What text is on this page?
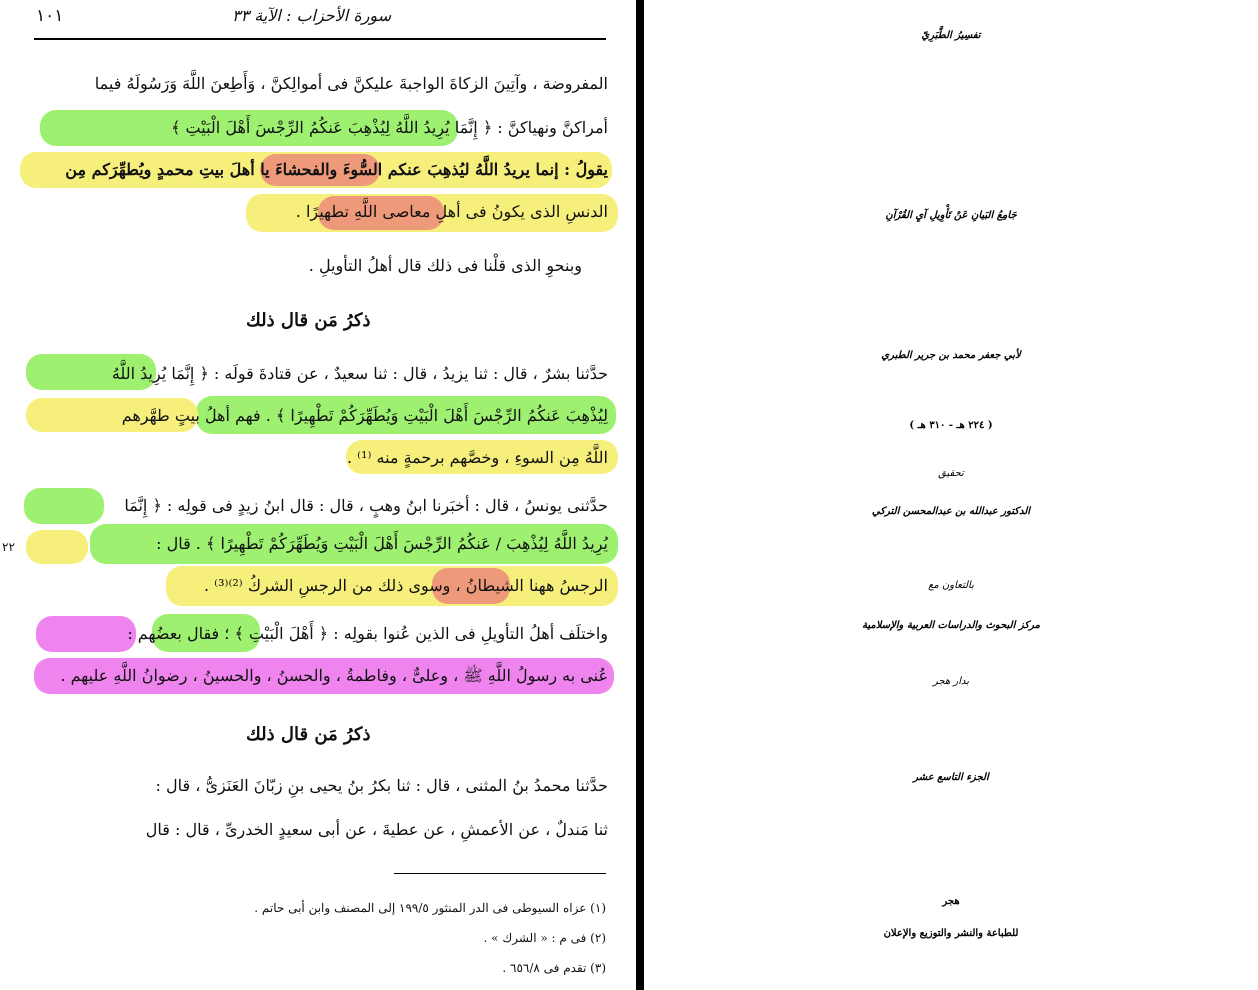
١٠١	سورة الأحزاب : الآية ٣٣
المفروضة ، وآتِينَ الزكاةَ الواجبةَ عليكنَّ فى أموالِكنَّ ، وَأَطِعنَ اللَّهَ وَرَسُولَهُ فيما
أمراكنَّ ونهياكنَّ : ﴿ إِنَّمَا يُرِيدُ اللَّهُ لِيُذْهِبَ عَنكُمُ الرِّجْسَ أَهْلَ الْبَيْتِ ﴾
يقولُ : إنما يريدُ اللَّهُ ليُذهِبَ عنكم السُّوءَ والفحشاءَ يا أهلَ بيتِ محمدٍ ويُطهِّرَكم مِن
الدنسِ الذى يكونُ فى أهلِ معاصى اللَّهِ تطهيرًا .
وبنحوِ الذى قلْنا فى ذلك قال أهلُ التأويلِ .
ذكرُ مَن قال ذلك
حدَّثنا بشرٌ ، قال : ثنا يزيدُ ، قال : ثنا سعيدٌ ، عن قتادةَ قولَه : ﴿ إِنَّمَا يُرِيدُ اللَّهُ
لِيُذْهِبَ عَنكُمُ الرِّجْسَ أَهْلَ الْبَيْتِ وَيُطَهِّرَكُمْ تَطْهِيرًا ﴾ . فهم أهلُ بيتٍ طهَّرهم
اللَّهُ مِن السوءِ ، وخصَّهم برحمةٍ منه ⁽¹⁾ .
حدَّثنى يونسُ ، قال : أخبَرنا ابنُ وهبٍ ، قال : قال ابنُ زيدٍ فى قولِه : ﴿ إِنَّمَا
يُرِيدُ اللَّهُ لِيُذْهِبَ / عَنكُمُ الرِّجْسَ أَهْلَ الْبَيْتِ وَيُطَهِّرَكُمْ تَطْهِيرًا ﴾ . قال :
الرجسُ ههنا الشيطانُ ، وسوى ذلك من الرجسِ الشركُ ⁽²⁾⁽³⁾ .
واختلَف أهلُ التأويلِ فى الذين عُنوا بقولِه : ﴿ أَهْلَ الْبَيْتِ ﴾ ؛ فقال بعضُهم :
عُنى به رسولُ اللَّهِ ﷺ ، وعلىٌّ ، وفاطمةُ ، والحسنُ ، والحسينُ ، رضوانُ اللَّهِ عليهم .
ذكرُ مَن قال ذلك
حدَّثنا محمدُ بنُ المثنى ، قال : ثنا بكرُ بنُ يحيى بنِ زبّانَ العَنَزىُّ ، قال :
ثنا مَندلٌ ، عن الأعمشِ ، عن عطيةَ ، عن أبى سعيدٍ الخدرىِّ ، قال : قال
(١) عزاه السيوطى فى الدر المنثور ١٩٩/٥ إلى المصنف وابن أبى حاتم .
(٢) فى م : « الشرك » .
(٣) تقدم فى ٦٥٦/٨ .
٢٢
تفسِيرُ الطَّبَرِيّ
جَامِعُ البَيانِ عَنْ تَأْوِيلِ آيِ القُرْآنِ
لأبي جعفر محمد بن جرير الطبري
( ٢٢٤ هـ - ٣١٠ هـ )
تحقيق
الدكتور عبدالله بن عبدالمحسن التركي
بالتعاون مع
مركز البحوث والدراسات العربية والإسلامية
بدار هجر
الجزء التاسع عشر
هجر
للطباعة والنشر والتوزيع والإعلان
